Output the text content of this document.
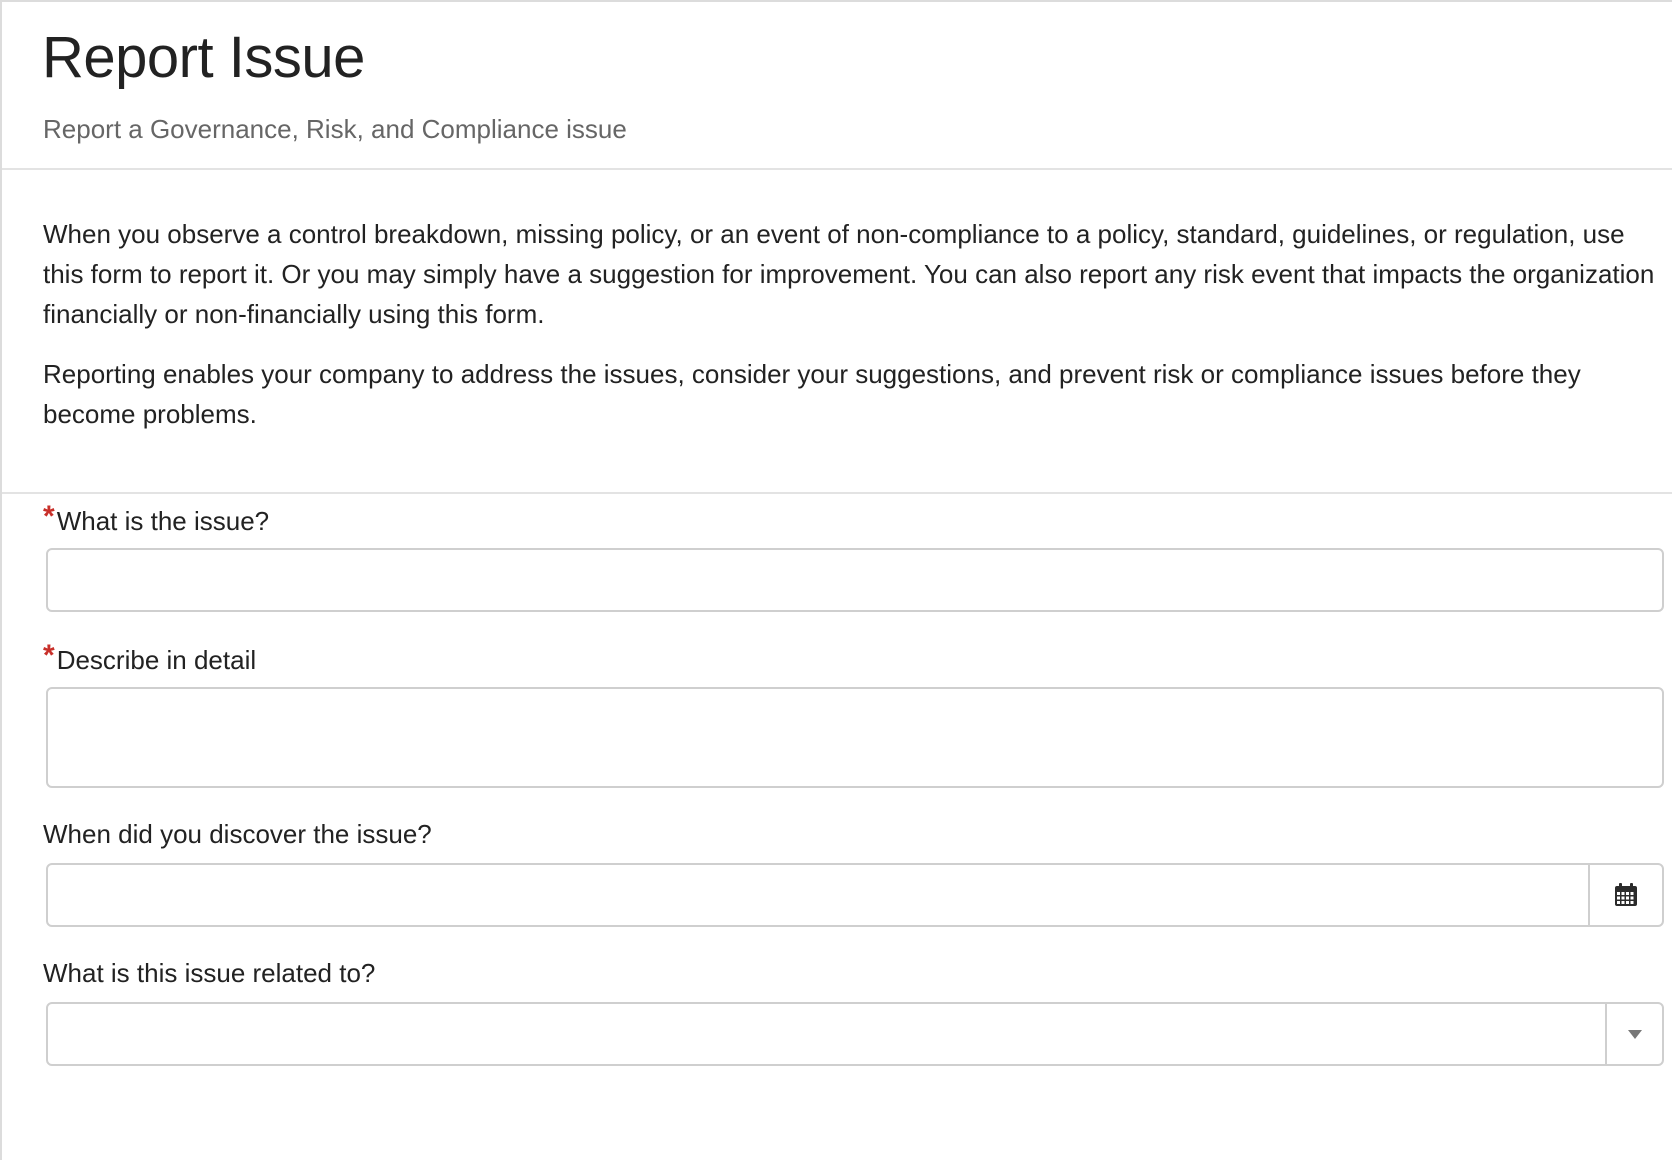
Report Issue
Report a Governance, Risk, and Compliance issue

When you observe a control breakdown, missing policy, or an event of non-compliance to a policy, standard, guidelines, or regulation, use this form to report it. Or you may simply have a suggestion for improvement. You can also report any risk event that impacts the organization financially or non-financially using this form.

Reporting enables your company to address the issues, consider your suggestions, and prevent risk or compliance issues before they become problems.

*What is the issue?
*Describe in detail
When did you discover the issue?
What is this issue related to?
